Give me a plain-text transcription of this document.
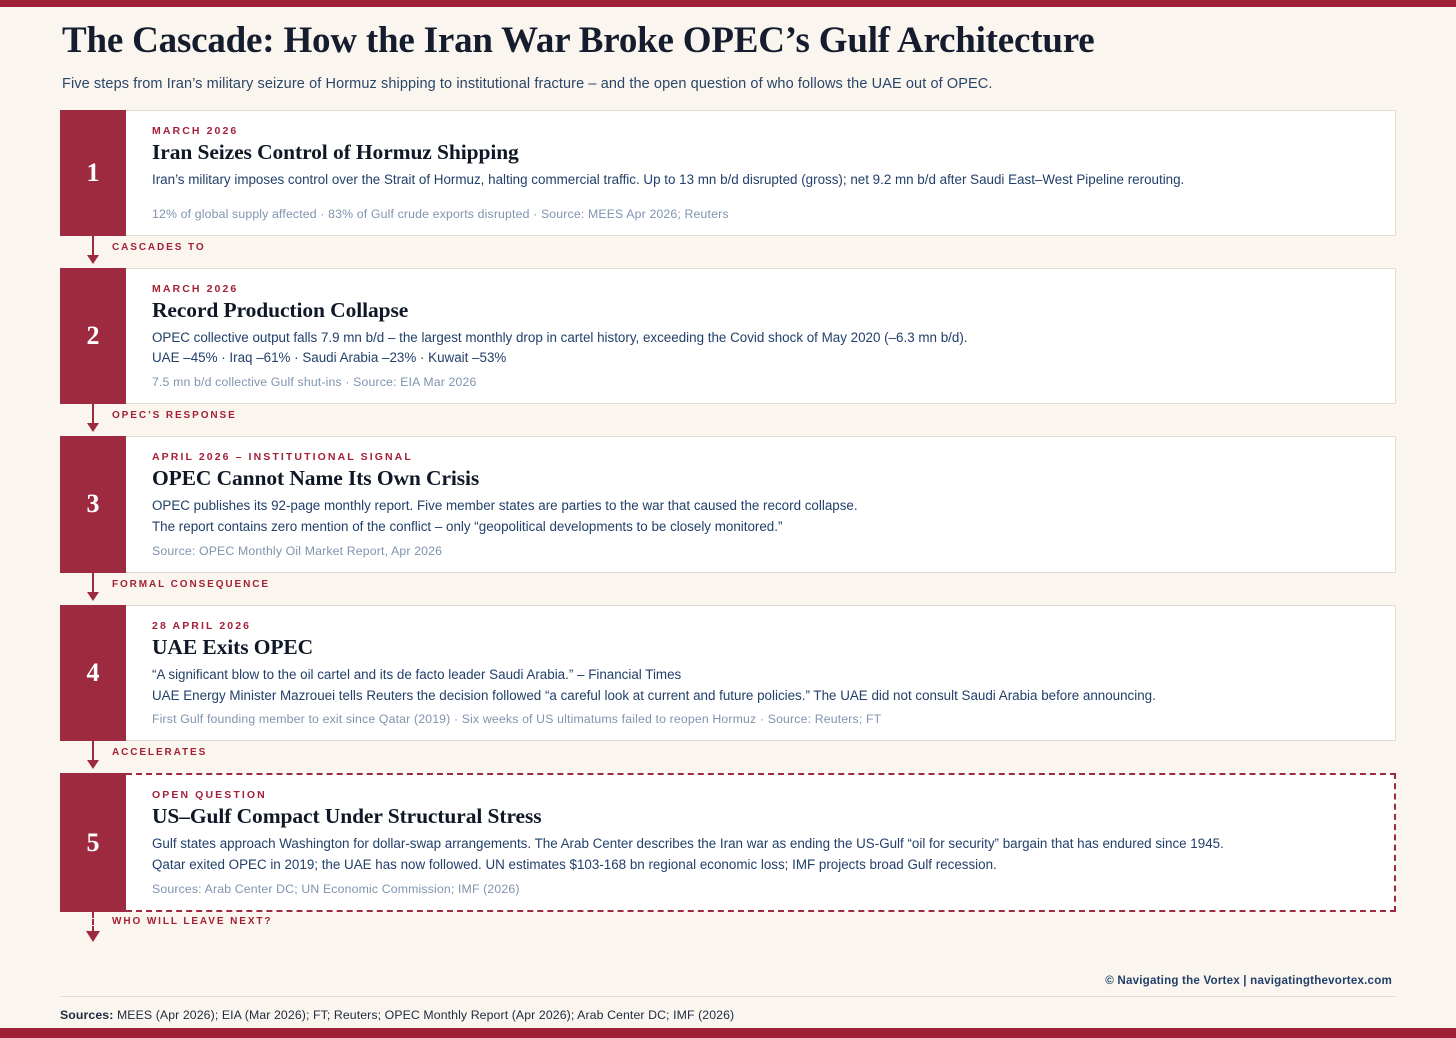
The Cascade: How the Iran War Broke OPEC’s Gulf Architecture

Five steps from Iran’s military seizure of Hormuz shipping to institutional fracture – and the open question of who follows the UAE out of OPEC.

1
MARCH 2026
Iran Seizes Control of Hormuz Shipping

Iran’s military imposes control over the Strait of Hormuz, halting commercial traffic. Up to 13 mn b/d disrupted (gross); net 9.2 mn b/d after Saudi East–West Pipeline rerouting.

12% of global supply affected · 83% of Gulf crude exports disrupted · Source: MEES Apr 2026; Reuters
CASCADES TO
2
MARCH 2026
Record Production Collapse

OPEC collective output falls 7.9 mn b/d – the largest monthly drop in cartel history, exceeding the Covid shock of May 2020 (–6.3 mn b/d).

UAE –45% · Iraq –61% · Saudi Arabia –23% · Kuwait –53%

7.5 mn b/d collective Gulf shut-ins · Source: EIA Mar 2026
OPEC’S RESPONSE
3
APRIL 2026 – INSTITUTIONAL SIGNAL
OPEC Cannot Name Its Own Crisis

OPEC publishes its 92-page monthly report. Five member states are parties to the war that caused the record collapse.

The report contains zero mention of the conflict – only “geopolitical developments to be closely monitored.”

Source: OPEC Monthly Oil Market Report, Apr 2026
FORMAL CONSEQUENCE
4
28 APRIL 2026
UAE Exits OPEC

“A significant blow to the oil cartel and its de facto leader Saudi Arabia.” – Financial Times

UAE Energy Minister Mazrouei tells Reuters the decision followed “a careful look at current and future policies.” The UAE did not consult Saudi Arabia before announcing.

First Gulf founding member to exit since Qatar (2019) · Six weeks of US ultimatums failed to reopen Hormuz · Source: Reuters; FT
ACCELERATES
5
OPEN QUESTION
US–Gulf Compact Under Structural Stress

Gulf states approach Washington for dollar-swap arrangements. The Arab Center describes the Iran war as ending the US-Gulf “oil for security” bargain that has endured since 1945.

Qatar exited OPEC in 2019; the UAE has now followed. UN estimates $103-168 bn regional economic loss; IMF projects broad Gulf recession.

Sources: Arab Center DC; UN Economic Commission; IMF (2026)
WHO WILL LEAVE NEXT?
© Navigating the Vortex | navigatingthevortex.com
Sources: MEES (Apr 2026); EIA (Mar 2026); FT; Reuters; OPEC Monthly Report (Apr 2026); Arab Center DC; IMF (2026)
